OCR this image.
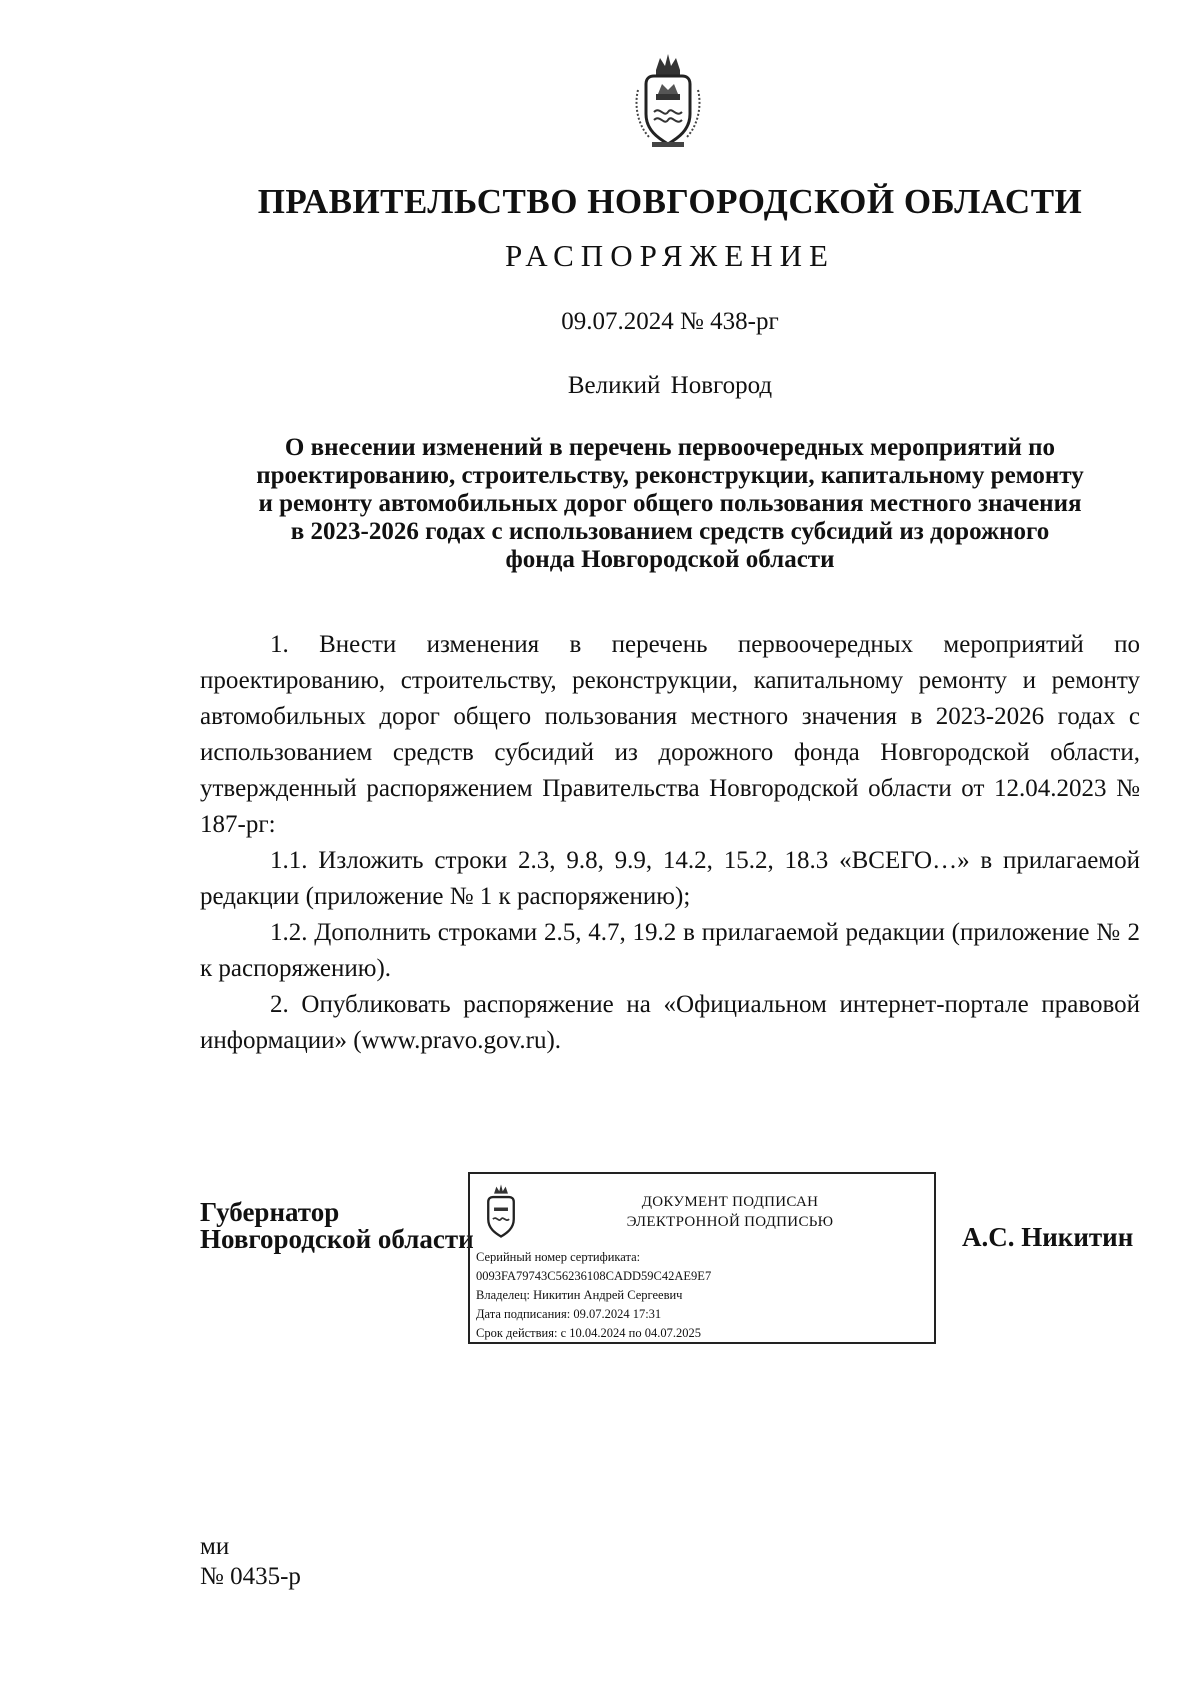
ПРАВИТЕЛЬСТВО НОВГОРОДСКОЙ ОБЛАСТИ
РАСПОРЯЖЕНИЕ
09.07.2024 № 438-рг
Великий Новгород
О внесении изменений в перечень первоочередных мероприятий по
проектированию, строительству, реконструкции, капитальному ремонту
и ремонту автомобильных дорог общего пользования местного значения
в 2023-2026 годах с использованием средств субсидий из дорожного
фонда Новгородской области

1. Внести изменения в перечень первоочередных мероприятий по проектированию, строительству, реконструкции, капитальному ремонту и ремонту автомобильных дорог общего пользования местного значения в 2023-2026 годах с использованием средств субсидий из дорожного фонда Новгородской области, утвержденный распоряжением Правительства Новгородской области от 12.04.2023 № 187-рг:

1.1. Изложить строки 2.3, 9.8, 9.9, 14.2, 15.2, 18.3 «ВСЕГО…» в прилагаемой редакции (приложение № 1 к распоряжению);

1.2. Дополнить строками 2.5, 4.7, 19.2 в прилагаемой редакции (приложение № 2 к распоряжению).

2. Опубликовать распоряжение на «Официальном интернет-портале правовой информации» (www.pravo.gov.ru).

Губернатор
Новгородской области
ДОКУМЕНТ ПОДПИСАН
ЭЛЕКТРОННОЙ ПОДПИСЬЮ
Серийный номер сертификата:
0093FA79743C56236108CADD59C42AE9E7
Владелец: Никитин Андрей Сергеевич
Дата подписания: 09.07.2024 17:31
Срок действия: с 10.04.2024 по 04.07.2025
А.С. Никитин
ми
№ 0435-р
